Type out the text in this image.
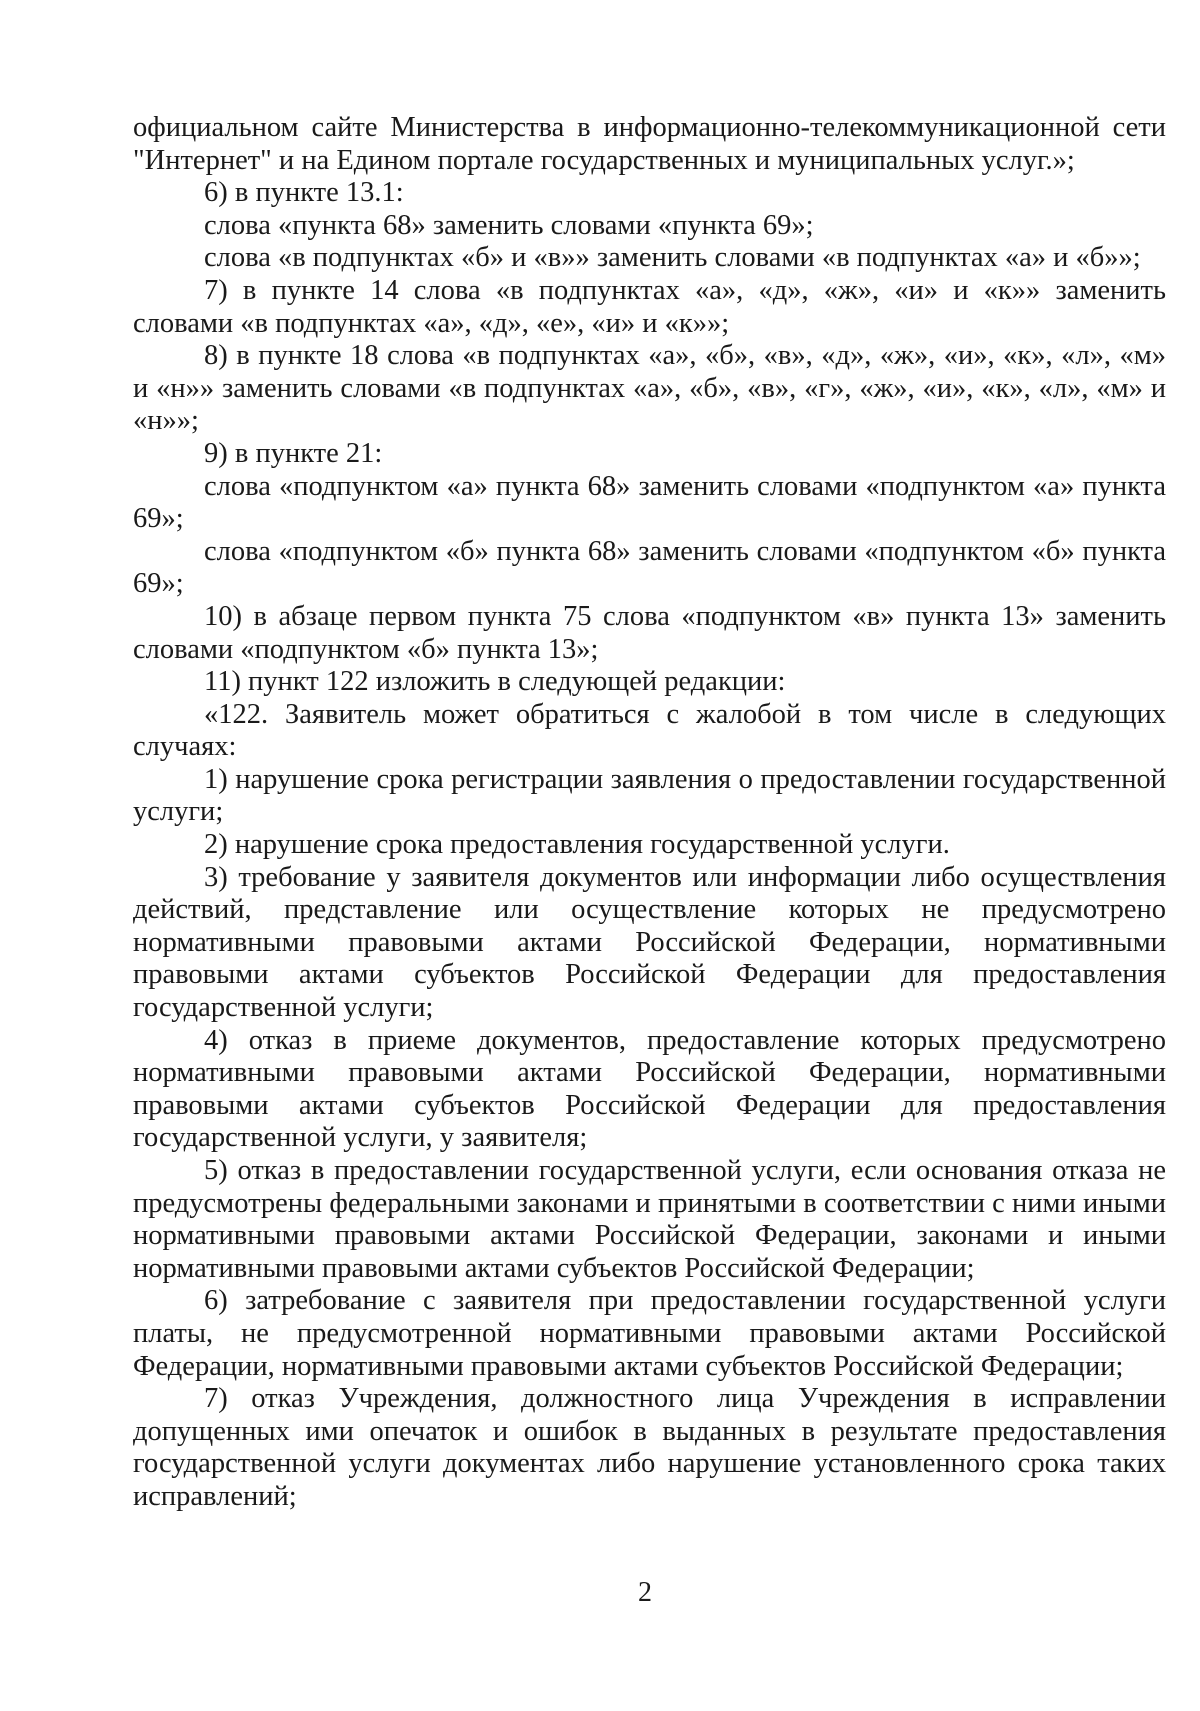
официальном сайте Министерства в информационно-телекоммуникационной сети "Интернет" и на Едином портале государственных и муниципальных услуг.»;

6) в пункте 13.1:

слова «пункта 68» заменить словами «пункта 69»;

слова «в подпунктах «б» и «в»» заменить словами «в подпунктах «а» и «б»»;

7) в пункте 14 слова «в подпунктах «а», «д», «ж», «и» и «к»» заменить словами «в подпунктах «а», «д», «е», «и» и «к»»;

8) в пункте 18 слова «в подпунктах «а», «б», «в», «д», «ж», «и», «к», «л», «м» и «н»» заменить словами «в подпунктах «а», «б», «в», «г», «ж», «и», «к», «л», «м» и «н»»;

9) в пункте 21:

слова «подпунктом «а» пункта 68» заменить словами «подпунктом «а» пункта 69»;

слова «подпунктом «б» пункта 68» заменить словами «подпунктом «б» пункта 69»;

10) в абзаце первом пункта 75 слова «подпунктом «в» пункта 13» заменить словами «подпунктом «б» пункта 13»;

11) пункт 122 изложить в следующей редакции:

«122. Заявитель может обратиться с жалобой в том числе в следующих случаях:

1) нарушение срока регистрации заявления о предоставлении государственной услуги;

2) нарушение срока предоставления государственной услуги.

3) требование у заявителя документов или информации либо осуществления действий, представление или осуществление которых не предусмотрено нормативными правовыми актами Российской Федерации, нормативными правовыми актами субъектов Российской Федерации для предоставления государственной услуги;

4) отказ в приеме документов, предоставление которых предусмотрено нормативными правовыми актами Российской Федерации, нормативными правовыми актами субъектов Российской Федерации для предоставления государственной услуги, у заявителя;

5) отказ в предоставлении государственной услуги, если основания отказа не предусмотрены федеральными законами и принятыми в соответствии с ними иными нормативными правовыми актами Российской Федерации, законами и иными нормативными правовыми актами субъектов Российской Федерации;

6) затребование с заявителя при предоставлении государственной услуги платы, не предусмотренной нормативными правовыми актами Российской Федерации, нормативными правовыми актами субъектов Российской Федерации;

7) отказ Учреждения, должностного лица Учреждения в исправлении допущенных ими опечаток и ошибок в выданных в результате предоставления государственной услуги документах либо нарушение установленного срока таких исправлений;

2
